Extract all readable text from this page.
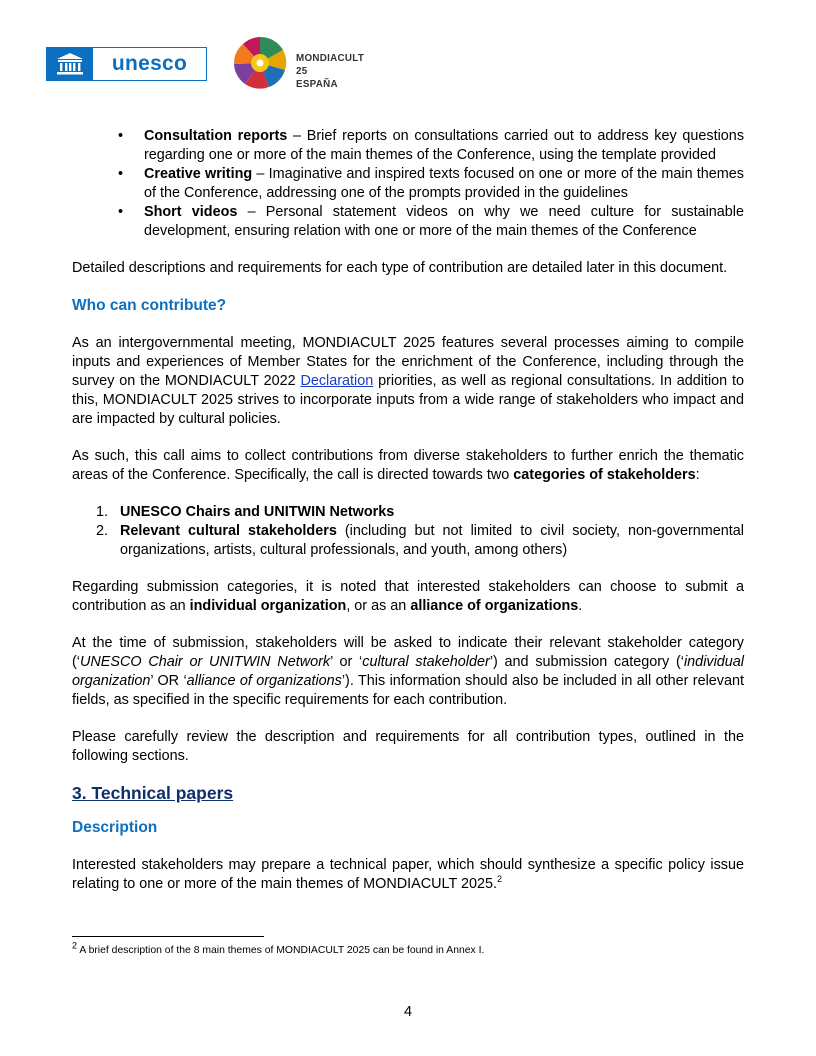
unesco	MONDIACULT 25
ESPAÑA
• Consultation reports – Brief reports on consultations carried out to address key questions regarding one or more of the main themes of the Conference, using the template provided
• Creative writing – Imaginative and inspired texts focused on one or more of the main themes of the Conference, addressing one of the prompts provided in the guidelines
• Short videos – Personal statement videos on why we need culture for sustainable development, ensuring relation with one or more of the main themes of the Conference

Detailed descriptions and requirements for each type of contribution are detailed later in this document.

Who can contribute?

As an intergovernmental meeting, MONDIACULT 2025 features several processes aiming to compile inputs and experiences of Member States for the enrichment of the Conference, including through the survey on the MONDIACULT 2022 Declaration priorities, as well as regional consultations. In addition to this, MONDIACULT 2025 strives to incorporate inputs from a wide range of stakeholders who impact and are impacted by cultural policies.

As such, this call aims to collect contributions from diverse stakeholders to further enrich the thematic areas of the Conference. Specifically, the call is directed towards two categories of stakeholders:

1. UNESCO Chairs and UNITWIN Networks
2. Relevant cultural stakeholders (including but not limited to civil society, non-governmental organizations, artists, cultural professionals, and youth, among others)

Regarding submission categories, it is noted that interested stakeholders can choose to submit a contribution as an individual organization, or as an alliance of organizations.

At the time of submission, stakeholders will be asked to indicate their relevant stakeholder category (‘UNESCO Chair or UNITWIN Network’ or ‘cultural stakeholder’) and submission category (‘individual organization’ OR ‘alliance of organizations’). This information should also be included in all other relevant fields, as specified in the specific requirements for each contribution.

Please carefully review the description and requirements for all contribution types, outlined in the following sections.

3. Technical papers
Description

Interested stakeholders may prepare a technical paper, which should synthesize a specific policy issue relating to one or more of the main themes of MONDIACULT 2025.$^2$

$^2$ A brief description of the 8 main themes of MONDIACULT 2025 can be found in Annex I.
4
